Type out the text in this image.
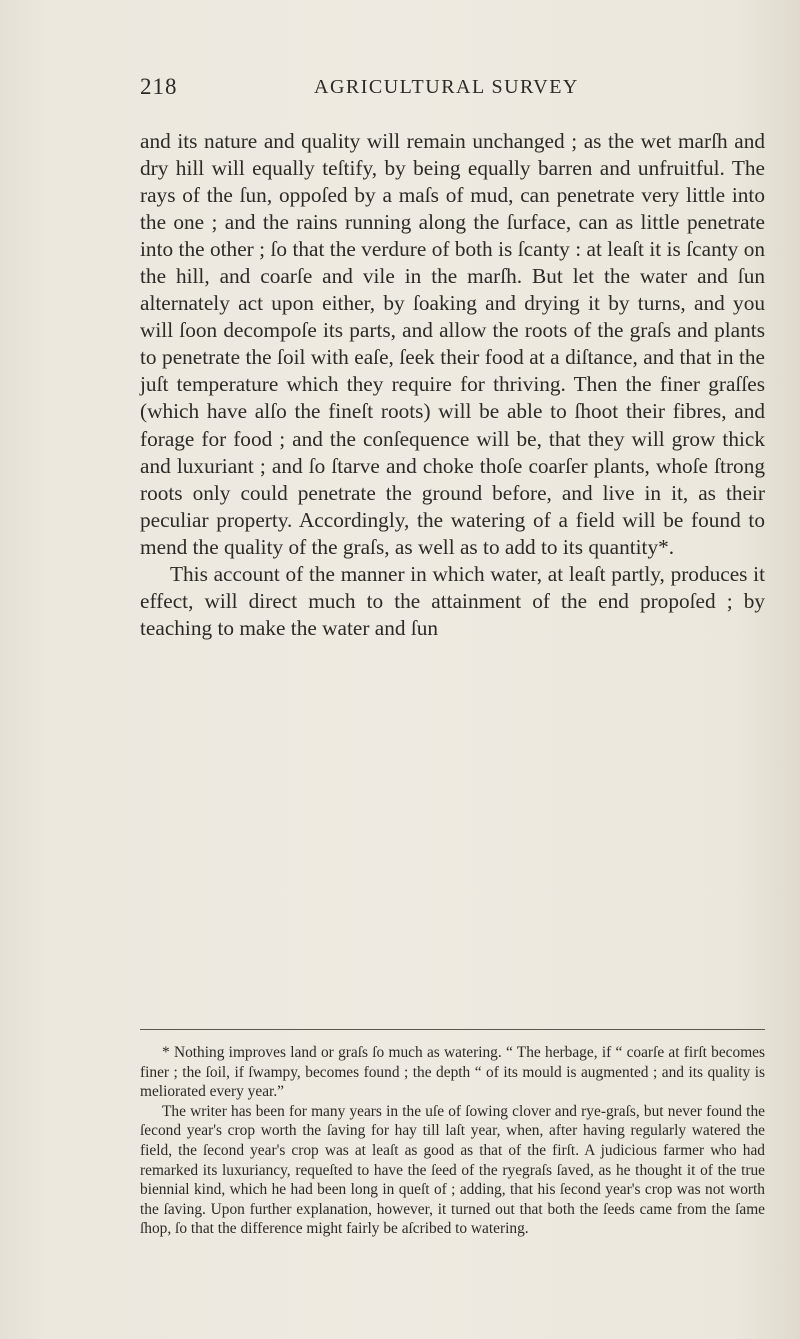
218	AGRICULTURAL SURVEY

and its nature and quality will remain unchanged ; as the wet marſh and dry hill will equally teſtify, by being equally barren and unfruitful. The rays of the ſun, oppoſed by a maſs of mud, can penetrate very little into the one ; and the rains running along the ſurface, can as little penetrate into the other ; ſo that the verdure of both is ſcanty : at leaſt it is ſcanty on the hill, and coarſe and vile in the marſh. But let the water and ſun alternately act upon either, by ſoaking and drying it by turns, and you will ſoon decompoſe its parts, and allow the roots of the graſs and plants to penetrate the ſoil with eaſe, ſeek their food at a diſtance, and that in the juſt temperature which they require for thriving. Then the finer graſſes (which have alſo the fineſt roots) will be able to ſhoot their fibres, and forage for food ; and the conſequence will be, that they will grow thick and luxuriant ; and ſo ſtarve and choke thoſe coarſer plants, whoſe ſtrong roots only could penetrate the ground before, and live in it, as their peculiar property. Accordingly, the watering of a field will be found to mend the quality of the graſs, as well as to add to its quantity*.

This account of the manner in which water, at leaſt partly, produces it effect, will direct much to the attainment of the end propoſed ; by teaching to make the water and ſun

* Nothing improves land or graſs ſo much as watering. “ The herbage, if “ coarſe at firſt becomes finer ; the ſoil, if ſwampy, becomes found ; the depth “ of its mould is augmented ; and its quality is meliorated every year.”

The writer has been for many years in the uſe of ſowing clover and rye-graſs, but never found the ſecond year's crop worth the ſaving for hay till laſt year, when, after having regularly watered the field, the ſecond year's crop was at leaſt as good as that of the firſt. A judicious farmer who had remarked its luxuriancy, requeſted to have the ſeed of the ryegraſs ſaved, as he thought it of the true biennial kind, which he had been long in queſt of ; adding, that his ſecond year's crop was not worth the ſaving. Upon further explanation, however, it turned out that both the ſeeds came from the ſame ſhop, ſo that the difference might fairly be aſcribed to watering.
